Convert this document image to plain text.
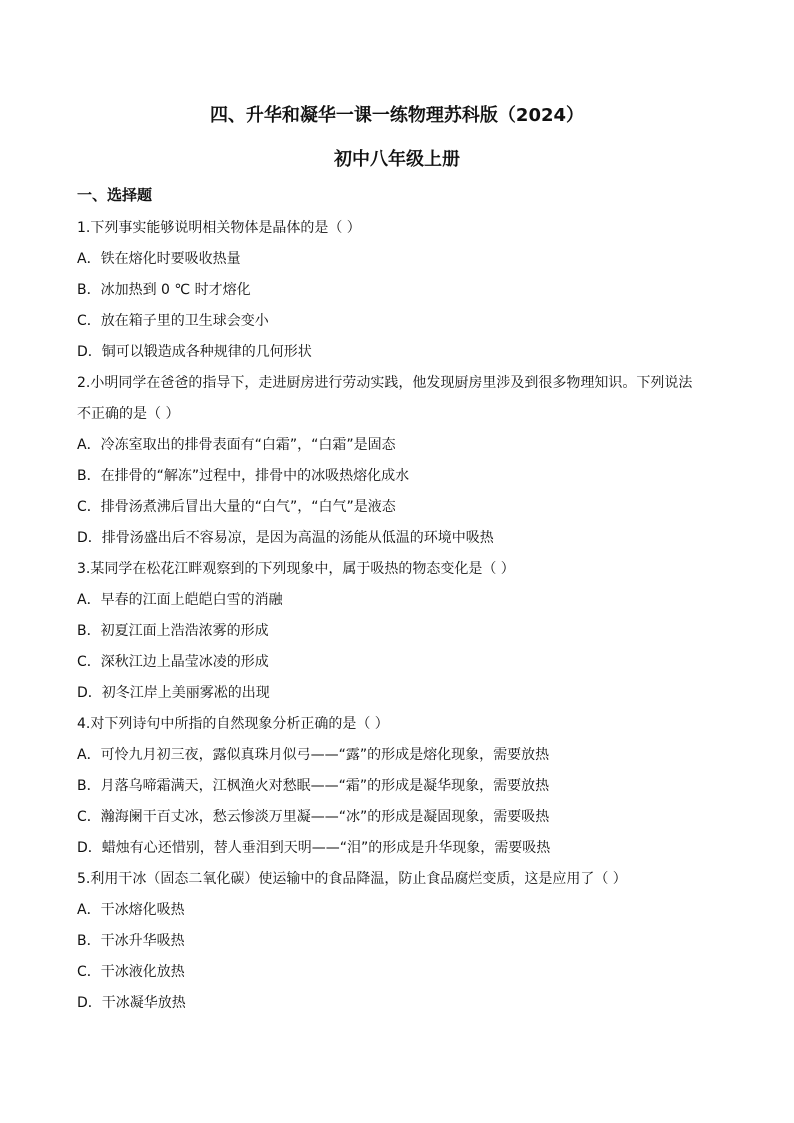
四、升华和凝华一课一练物理苏科版（2024）
初中八年级上册
一、选择题
1.下列事实能够说明相关物体是晶体的是（ ）
A．铁在熔化时要吸收热量
B．冰加热到 0 ℃ 时才熔化
C．放在箱子里的卫生球会变小
D．铜可以锻造成各种规律的几何形状
2.小明同学在爸爸的指导下，走进厨房进行劳动实践，他发现厨房里涉及到很多物理知识。下列说法
不正确的是（ ）
A．冷冻室取出的排骨表面有“白霜”，“白霜”是固态
B．在排骨的“解冻”过程中，排骨中的冰吸热熔化成水
C．排骨汤煮沸后冒出大量的“白气”，“白气”是液态
D．排骨汤盛出后不容易凉，是因为高温的汤能从低温的环境中吸热
3.某同学在松花江畔观察到的下列现象中，属于吸热的物态变化是（ ）
A．早春的江面上皑皑白雪的消融
B．初夏江面上浩浩浓雾的形成
C．深秋江边上晶莹冰凌的形成
D．初冬江岸上美丽雾凇的出现
4.对下列诗句中所指的自然现象分析正确的是（ ）
A．可怜九月初三夜，露似真珠月似弓——“露”的形成是熔化现象，需要放热
B．月落乌啼霜满天，江枫渔火对愁眠——“霜”的形成是凝华现象，需要放热
C．瀚海阑干百丈冰，愁云惨淡万里凝——“冰”的形成是凝固现象，需要吸热
D．蜡烛有心还惜别，替人垂泪到天明——“泪”的形成是升华现象，需要吸热
5.利用干冰（固态二氧化碳）使运输中的食品降温，防止食品腐烂变质，这是应用了（ ）
A．干冰熔化吸热
B．干冰升华吸热
C．干冰液化放热
D．干冰凝华放热
